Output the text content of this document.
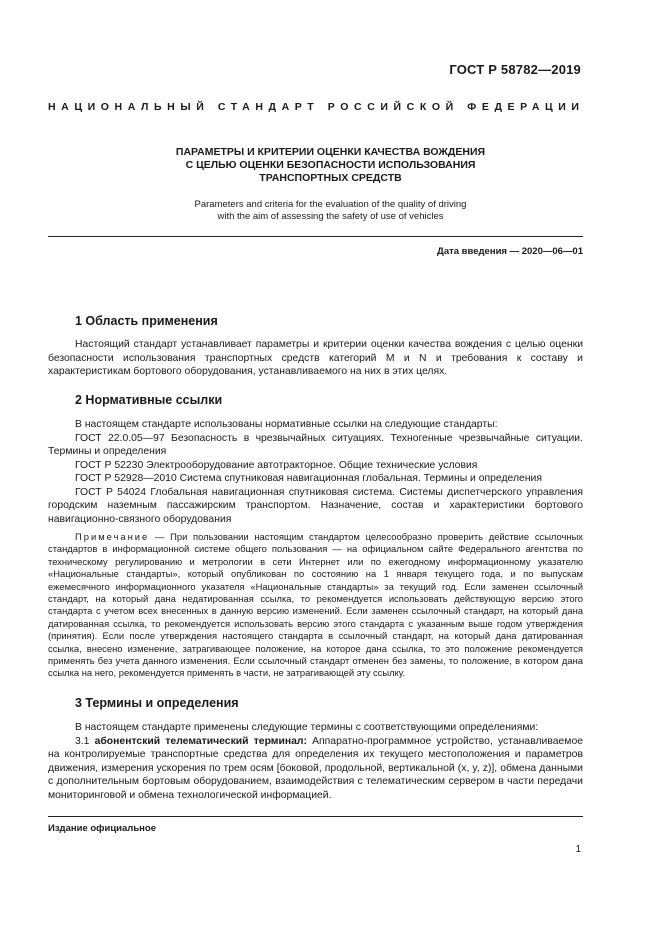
ГОСТ Р 58782—2019
НАЦИОНАЛЬНЫЙ СТАНДАРТ РОССИЙСКОЙ ФЕДЕРАЦИИ
ПАРАМЕТРЫ И КРИТЕРИИ ОЦЕНКИ КАЧЕСТВА ВОЖДЕНИЯ
С ЦЕЛЬЮ ОЦЕНКИ БЕЗОПАСНОСТИ ИСПОЛЬЗОВАНИЯ
ТРАНСПОРТНЫХ СРЕДСТВ
Parameters and criteria for the evaluation of the quality of driving
with the aim of assessing the safety of use of vehicles
Дата введения — 2020—06—01
1 Область применения

Настоящий стандарт устанавливает параметры и критерии оценки качества вождения с целью оценки безопасности использования транспортных средств категорий M и N и требования к составу и характеристикам бортового оборудования, устанавливаемого на них в этих целях.

2 Нормативные ссылки

В настоящем стандарте использованы нормативные ссылки на следующие стандарты:

ГОСТ 22.0.05—97 Безопасность в чрезвычайных ситуациях. Техногенные чрезвычайные ситуации. Термины и определения

ГОСТ Р 52230 Электрооборудование автотракторное. Общие технические условия

ГОСТ Р 52928—2010 Система спутниковая навигационная глобальная. Термины и определения

ГОСТ Р 54024 Глобальная навигационная спутниковая система. Системы диспетчерского управления городским наземным пассажирским транспортом. Назначение, состав и характеристики бортового навигационно-связного оборудования

Примечание — При пользовании настоящим стандартом целесообразно проверить действие ссылочных стандартов в информационной системе общего пользования — на официальном сайте Федерального агентства по техническому регулированию и метрологии в сети Интернет или по ежегодному информационному указателю «Национальные стандарты», который опубликован по состоянию на 1 января текущего года, и по выпускам ежемесячного информационного указателя «Национальные стандарты» за текущий год. Если заменен ссылочный стандарт, на который дана недатированная ссылка, то рекомендуется использовать действующую версию этого стандарта с учетом всех внесенных в данную версию изменений. Если заменен ссылочный стандарт, на который дана датированная ссылка, то рекомендуется использовать версию этого стандарта с указанным выше годом утверждения (принятия). Если после утверждения настоящего стандарта в ссылочный стандарт, на который дана датированная ссылка, внесено изменение, затрагивающее положение, на которое дана ссылка, то это положение рекомендуется применять без учета данного изменения. Если ссылочный стандарт отменен без замены, то положение, в котором дана ссылка на него, рекомендуется применять в части, не затрагивающей эту ссылку.

3 Термины и определения

В настоящем стандарте применены следующие термины с соответствующими определениями:

3.1 абонентский телематический терминал: Аппаратно-программное устройство, устанавливаемое на контролируемые транспортные средства для определения их текущего местоположения и параметров движения, измерения ускорения по трем осям [боковой, продольной, вертикальной (x, y, z)], обмена данными с дополнительным бортовым оборудованием, взаимодействия с телематическим сервером в части передачи мониторинговой и обмена технологической информацией.

Издание официальное
1
